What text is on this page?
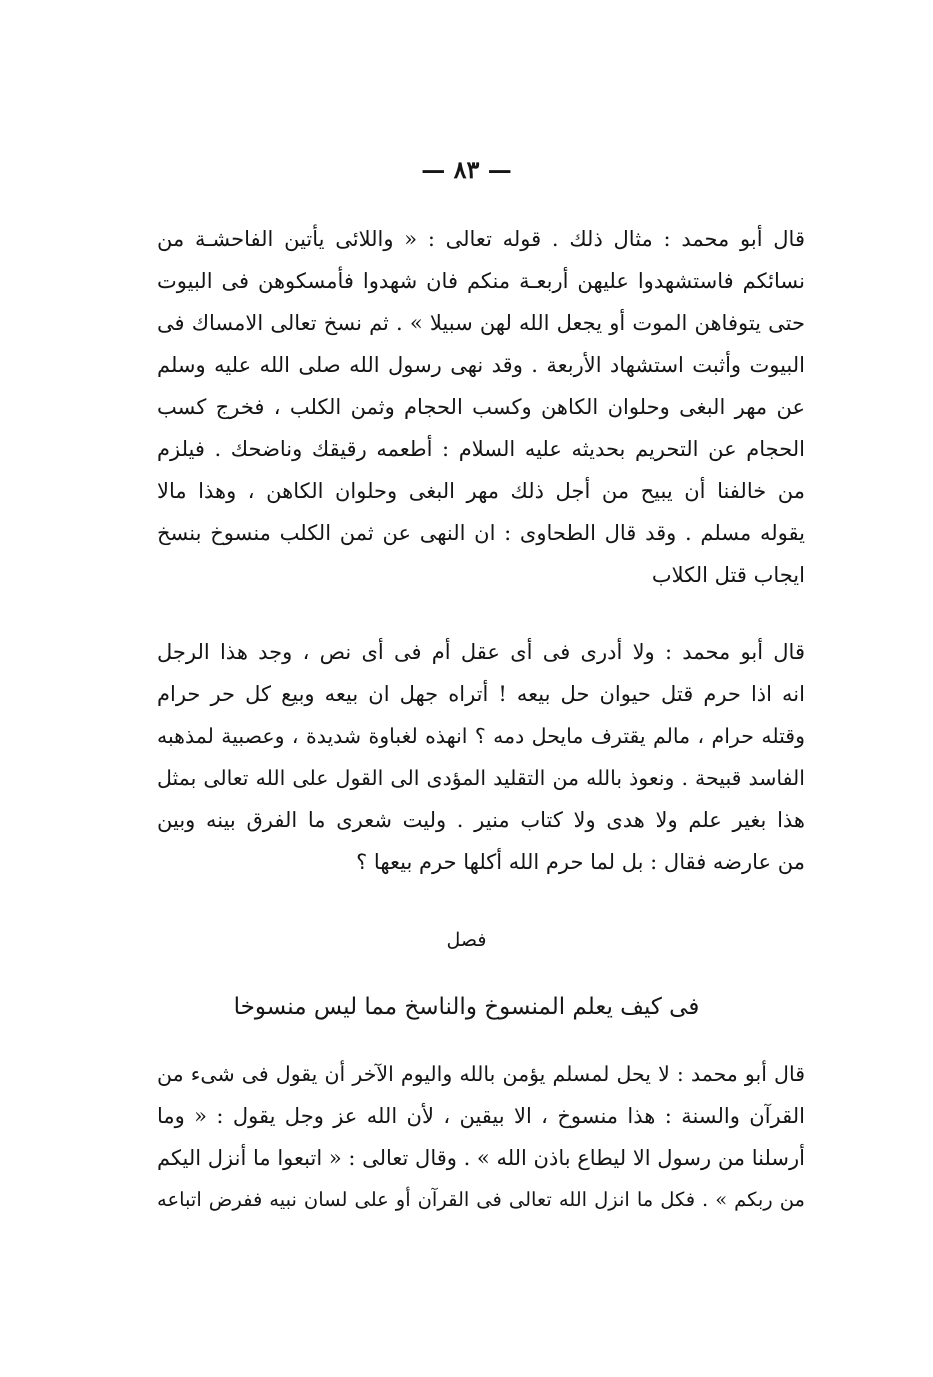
— ٨٣ —
قال أبو محمد : مثال ذلك . قوله تعالى : « واللائى يأتين الفاحشـة من
نسائكم فاستشهدوا عليهن أربعـة منكم فان شهدوا فأمسكوهن فى البيوت
حتى يتوفاهن الموت أو يجعل الله لهن سبيلا » . ثم نسخ تعالى الامساك فى
البيوت وأثبت استشهاد الأربعة . وقد نهى رسول الله صلى الله عليه وسلم
عن مهر البغى وحلوان الكاهن وكسب الحجام وثمن الكلب ، فخرج كسب
الحجام عن التحريم بحديثه عليه السلام : أطعمه رقيقك وناضحك . فيلزم
من خالفنا أن يبيح من أجل ذلك مهر البغى وحلوان الكاهن ، وهذا مالا
يقوله مسلم . وقد قال الطحاوى : ان النهى عن ثمن الكلب منسوخ بنسخ
ايجاب قتل الكلاب
قال أبو محمد : ولا أدرى فى أى عقل أم فى أى نص ، وجد هذا الرجل
انه اذا حرم قتل حيوان حل بيعه ! أتراه جهل ان بيعه وبيع كل حر حرام
وقتله حرام ، مالم يقترف مايحل دمه ؟ انهذه لغباوة شديدة ، وعصبية لمذهبه
الفاسد قبيحة . ونعوذ بالله من التقليد المؤدى الى القول على الله تعالى بمثل
هذا بغير علم ولا هدى ولا كتاب منير . وليت شعرى ما الفرق بينه وبين
من عارضه فقال : بل لما حرم الله أكلها حرم بيعها ؟
فصل
فى كيف يعلم المنسوخ والناسخ مما ليس منسوخا
قال أبو محمد : لا يحل لمسلم يؤمن بالله واليوم الآخر أن يقول فى شىء من
القرآن والسنة : هذا منسوخ ، الا بيقين ، لأن الله عز وجل يقول : « وما
أرسلنا من رسول الا ليطاع باذن الله » . وقال تعالى : « اتبعوا ما أنزل اليكم
من ربكم » . فكل ما انزل الله تعالى فى القرآن أو على لسان نبيه ففرض اتباعه
